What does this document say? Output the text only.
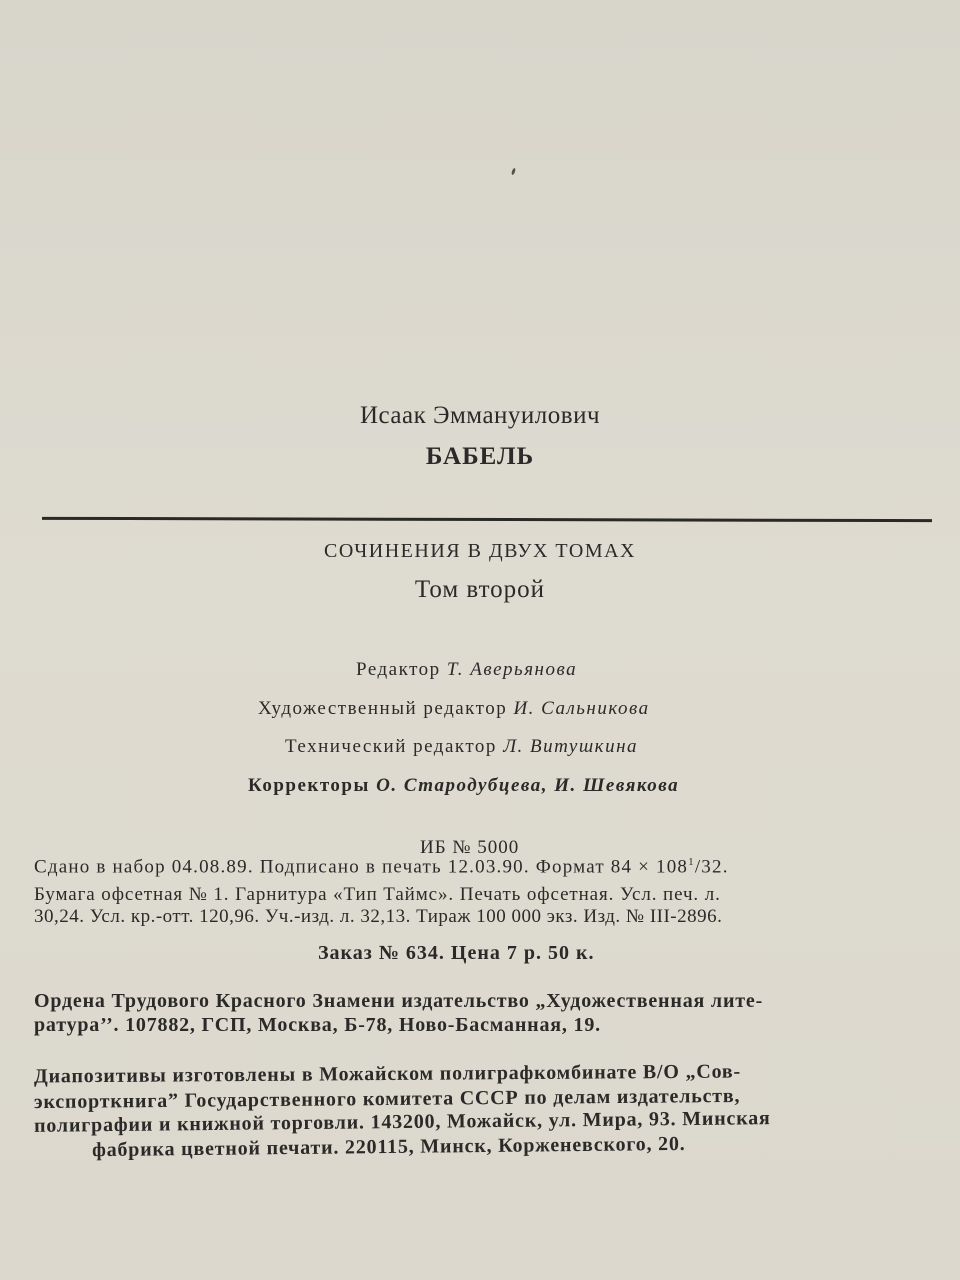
Исаак Эммануилович
БАБЕЛЬ
СОЧИНЕНИЯ В ДВУХ ТОМАХ
Том второй
Редактор Т. Аверьянова
Художественный редактор И. Сальникова
Технический редактор Л. Витушкина
Корректоры О. Стародубцева, И. Шевякова
ИБ № 5000
Сдано в набор 04.08.89. Подписано в печать 12.03.90. Формат $84 \times 108^1/32$.
Бумага офсетная № 1. Гарнитура «Тип Таймс». Печать офсетная. Усл. печ. л.
30,24. Усл. кр.-отт. 120,96. Уч.-изд. л. 32,13. Тираж 100 000 экз. Изд. № III-2896.
Заказ № 634. Цена 7 р. 50 к.
Ордена Трудового Красного Знамени издательство „Художественная лите-
ратура’’. 107882, ГСП, Москва, Б-78, Ново-Басманная, 19.
Диапозитивы изготовлены в Можайском полиграфкомбинате В/О „Сов-
экспорткнига” Государственного комитета СССР по делам издательств,
полиграфии и книжной торговли. 143200, Можайск, ул. Мира, 93. Минская
фабрика цветной печати. 220115, Минск, Корженевского, 20.
